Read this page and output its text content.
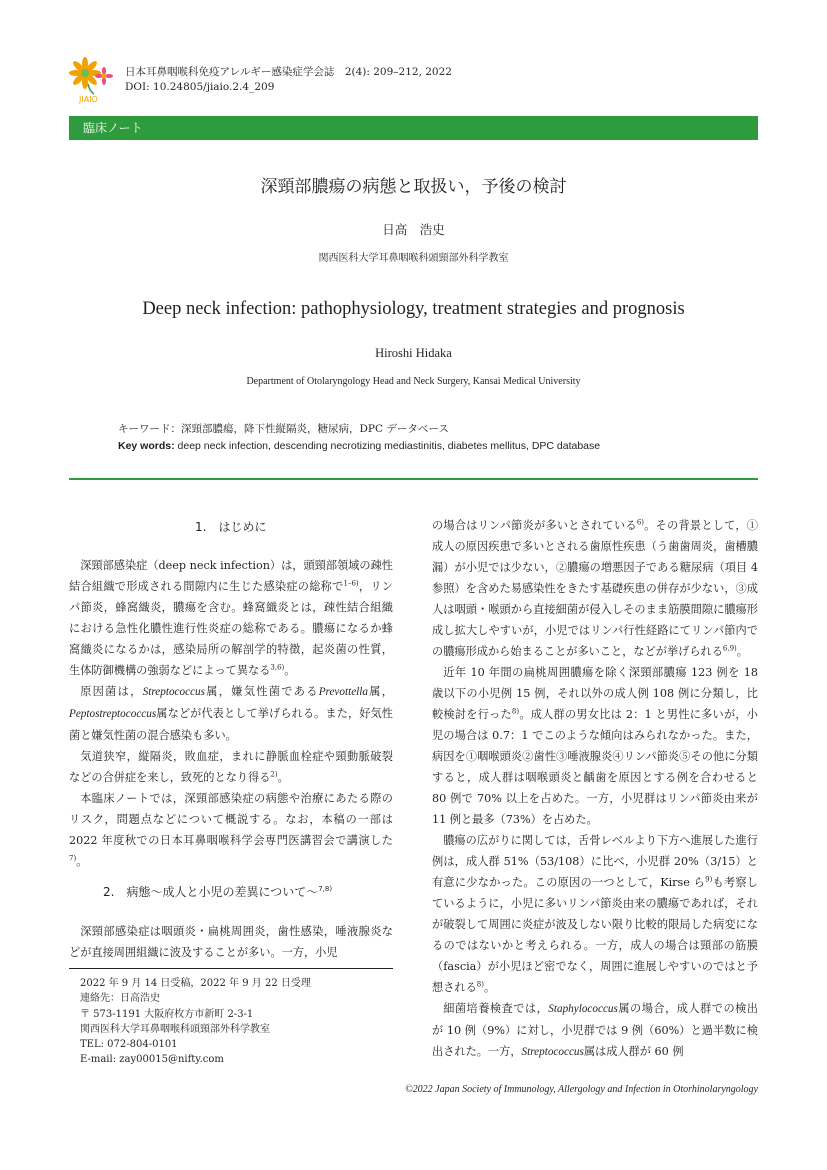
JIAIO
日本耳鼻咽喉科免疫アレルギー感染症学会誌　2(4): 209–212, 2022
DOI: 10.24805/jiaio.2.4_209
臨床ノート
深頸部膿瘍の病態と取扱い，予後の検討
日高　浩史
関西医科大学耳鼻咽喉科頭頸部外科学教室
Deep neck infection: pathophysiology, treatment strategies and prognosis
Hiroshi Hidaka
Department of Otolaryngology Head and Neck Surgery, Kansai Medical University
キーワード：深頸部膿瘍，降下性縦隔炎，糖尿病，DPC データベース
Key words: deep neck infection, descending necrotizing mediastinitis, diabetes mellitus, DPC database
1.　はじめに

深頸部感染症（deep neck infection）は，頭頸部領域の疎性結合組織で形成される間隙内に生じた感染症の総称で$^{1-6)}$，リンパ節炎，蜂窩織炎，膿瘍を含む。蜂窩織炎とは，疎性結合組織における急性化膿性進行性炎症の総称である。膿瘍になるか蜂窩織炎になるかは，感染局所の解剖学的特徴，起炎菌の性質，生体防御機構の強弱などによって異なる$^{3,6)}$。

原因菌は，Streptococcus属，嫌気性菌であるPrevottella属，Peptostreptococcus属などが代表として挙げられる。また，好気性菌と嫌気性菌の混合感染も多い。

気道狭窄，縦隔炎，敗血症，まれに静脈血栓症や頸動脈破裂などの合併症を来し，致死的となり得る$^{2)}$。

本臨床ノートでは，深頸部感染症の病態や治療にあたる際のリスク，問題点などについて概説する。なお，本稿の一部は 2022 年度秋での日本耳鼻咽喉科学会専門医講習会で講演した$^{7)}$。

2.　病態～成人と小児の差異について～$^{7,8)}$

深頸部感染症は咽頭炎・扁桃周囲炎，歯性感染，唾液腺炎などが直接周囲組織に波及することが多い。一方，小児

2022 年 9 月 14 日受稿，2022 年 9 月 22 日受理
連絡先：日高浩史
〒 573-1191 大阪府枚方市新町 2-3-1
関西医科大学耳鼻咽喉科頭頸部外科学教室
TEL: 072-804-0101
E-mail: zay00015@nifty.com

の場合はリンパ節炎が多いとされている$^{6)}$。その背景として，①成人の原因疾患で多いとされる歯原性疾患（う歯歯周炎，歯槽膿漏）が小児では少ない，②膿瘍の増悪因子である糖尿病（項目 4 参照）を含めた易感染性をきたす基礎疾患の併存が少ない，③成人は咽頭・喉頭から直接細菌が侵入しそのまま筋膜間隙に膿瘍形成し拡大しやすいが，小児ではリンパ行性経路にてリンパ節内での膿瘍形成から始まることが多いこと，などが挙げられる$^{6,9)}$。

近年 10 年間の扁桃周囲膿瘍を除く深頸部膿瘍 123 例を 18 歳以下の小児例 15 例，それ以外の成人例 108 例に分類し，比較検討を行った$^{8)}$。成人群の男女比は 2：1 と男性に多いが，小児の場合は 0.7：1 でこのような傾向はみられなかった。また，病因を①咽喉頭炎②歯性③唾液腺炎④リンパ節炎⑤その他に分類すると，成人群は咽喉頭炎と齲歯を原因とする例を合わせると 80 例で 70% 以上を占めた。一方，小児群はリンパ節炎由来が 11 例と最多（73%）を占めた。

膿瘍の広がりに関しては，舌骨レベルより下方へ進展した進行例は，成人群 51%（53/108）に比べ，小児群 20%（3/15）と有意に少なかった。この原因の一つとして，Kirse ら$^{9)}$も考察しているように，小児に多いリンパ節炎由来の膿瘍であれば，それが破裂して周囲に炎症が波及しない限り比較的限局した病変になるのではないかと考えられる。一方，成人の場合は頸部の筋膜（fascia）が小児ほど密でなく，周囲に進展しやすいのではと予想される$^{8)}$。

細菌培養検査では，Staphylococcus属の場合，成人群での検出が 10 例（9%）に対し，小児群では 9 例（60%）と過半数に検出された。一方，Streptococcus属は成人群が 60 例

©2022 Japan Society of Immunology, Allergology and Infection in Otorhinolaryngology
